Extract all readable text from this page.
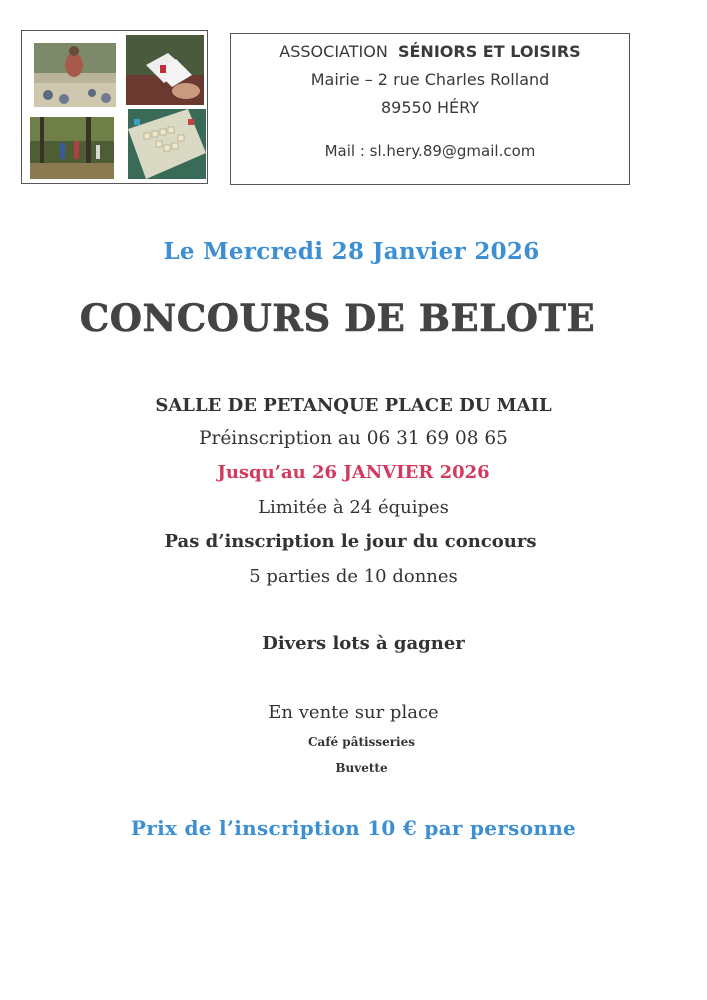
ASSOCIATION SÉNIORS ET LOISIRS
Mairie – 2 rue Charles Rolland
89550 HÉRY
Mail : sl.hery.89@gmail.com
Le Mercredi 28 Janvier 2026
CONCOURS DE BELOTE
SALLE DE PETANQUE PLACE DU MAIL
Préinscription au 06 31 69 08 65
Jusqu’au 26 JANVIER 2026
Limitée à 24 équipes
Pas d’inscription le jour du concours
5 parties de 10 donnes
Divers lots à gagner
En vente sur place
Café pâtisseries
Buvette
Prix de l’inscription 10 € par personne
